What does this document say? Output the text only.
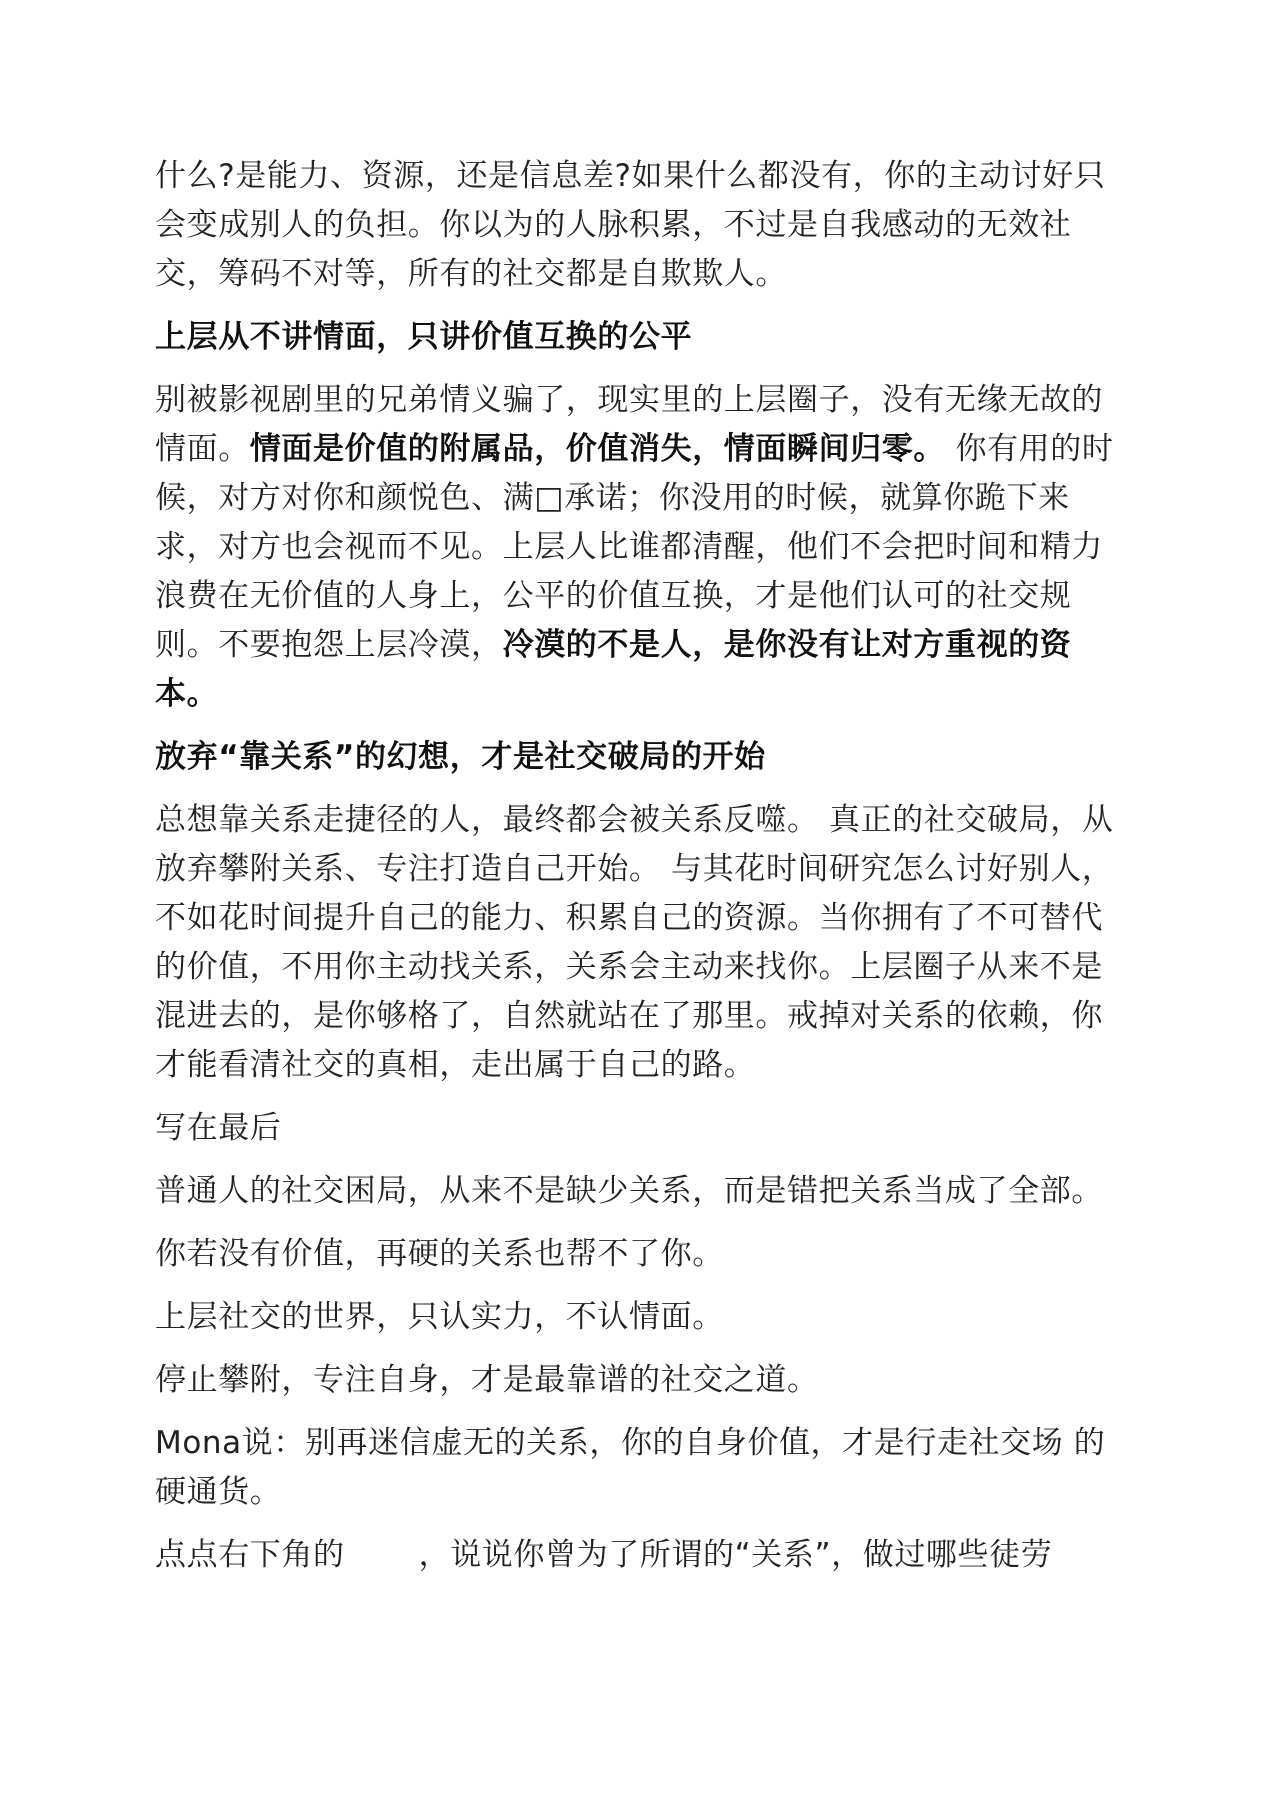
什么?是能力、资源，还是信息差?如果什么都没有，你的主动讨好只会变成别人的负担。你以为的人脉积累，不过是自我感动的无效社交，筹码不对等，所有的社交都是自欺欺人。

上层从不讲情面，只讲价值互换的公平

别被影视剧里的兄弟情义骗了，现实里的上层圈子，没有无缘无故的情面。情面是价值的附属品，价值消失，情面瞬间归零。 你有用的时候，对方对你和颜悦色、满□承诺；你没用的时候，就算你跪下来求，对方也会视而不见。上层人比谁都清醒，他们不会把时间和精力浪费在无价值的人身上，公平的价值互换，才是他们认可的社交规则。不要抱怨上层冷漠，冷漠的不是人，是你没有让对方重视的资本。

放弃“靠关系”的幻想，才是社交破局的开始

总想靠关系走捷径的人，最终都会被关系反噬。 真正的社交破局，从放弃攀附关系、专注打造自己开始。 与其花时间研究怎么讨好别人，不如花时间提升自己的能力、积累自己的资源。当你拥有了不可替代的价值，不用你主动找关系，关系会主动来找你。上层圈子从来不是混进去的，是你够格了，自然就站在了那里。戒掉对关系的依赖，你才能看清社交的真相，走出属于自己的路。

写在最后

普通人的社交困局，从来不是缺少关系，而是错把关系当成了全部。

你若没有价值，再硬的关系也帮不了你。

上层社交的世界，只认实力，不认情面。

停止攀附，专注自身，才是最靠谱的社交之道。

Mona说：别再迷信虚无的关系，你的自身价值，才是行走社交场 的硬通货。

点点右下角的 ，说说你曾为了所谓的“关系”，做过哪些徒劳
